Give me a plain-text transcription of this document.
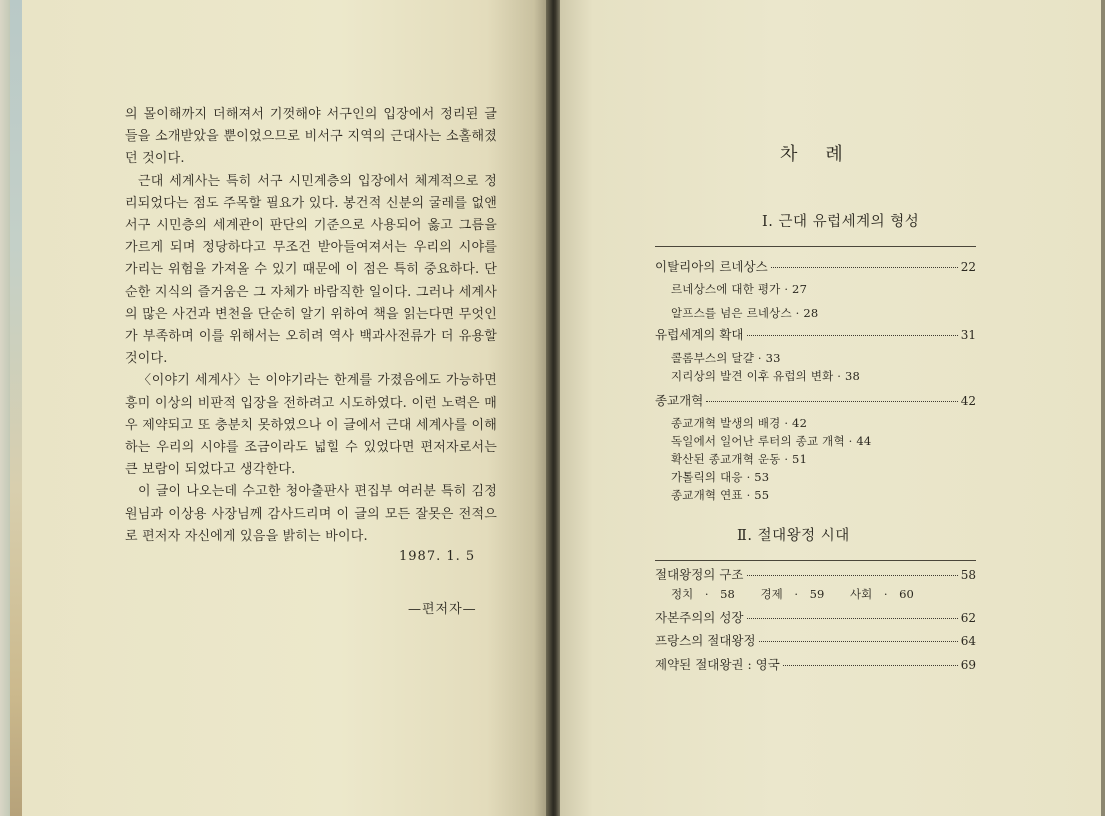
의 몰이해까지 더해져서 기껏해야 서구인의 입장에서 정리된 글들을 소개받았을 뿐이었으므로 비서구 지역의 근대사는 소홀해졌던 것이다.

근대 세계사는 특히 서구 시민계층의 입장에서 체계적으로 정리되었다는 점도 주목할 필요가 있다. 봉건적 신분의 굴레를 없앤 서구 시민층의 세계관이 판단의 기준으로 사용되어 옳고 그름을 가르게 되며 정당하다고 무조건 받아들여져서는 우리의 시야를 가리는 위험을 가져올 수 있기 때문에 이 점은 특히 중요하다. 단순한 지식의 즐거움은 그 자체가 바람직한 일이다. 그러나 세계사의 많은 사건과 변천을 단순히 알기 위하여 책을 읽는다면 무엇인가 부족하며 이를 위해서는 오히려 역사 백과사전류가 더 유용할 것이다.

〈이야기 세계사〉는 이야기라는 한계를 가졌음에도 가능하면 흥미 이상의 비판적 입장을 전하려고 시도하였다. 이런 노력은 매우 제약되고 또 충분치 못하였으나 이 글에서 근대 세계사를 이해하는 우리의 시야를 조금이라도 넓힐 수 있었다면 편저자로서는 큰 보람이 되었다고 생각한다.

이 글이 나오는데 수고한 청아출판사 편집부 여러분 특히 김정원님과 이상용 사장님께 감사드리며 이 글의 모든 잘못은 전적으로 편저자 자신에게 있음을 밝히는 바이다.

1987. 1. 5
—편저자—
차례
Ⅰ. 근대 유럽세계의 형성
이탈리아의 르네상스	22
르네상스에 대한 평가 · 27
알프스를 넘은 르네상스 · 28
유럽세계의 확대	31
콜롬부스의 달걀 · 33
지리상의 발견 이후 유럽의 변화 · 38
종교개혁	42
종교개혁 발생의 배경 · 42
독일에서 일어난 루터의 종교 개혁 · 44
확산된 종교개혁 운동 · 51
가톨릭의 대응 · 53
종교개혁 연표 · 55
Ⅱ. 절대왕정 시대
절대왕정의 구조	58
정치 · 58 경제 · 59 사회 · 60
자본주의의 성장	62
프랑스의 절대왕정	64
제약된 절대왕권 : 영국	69
